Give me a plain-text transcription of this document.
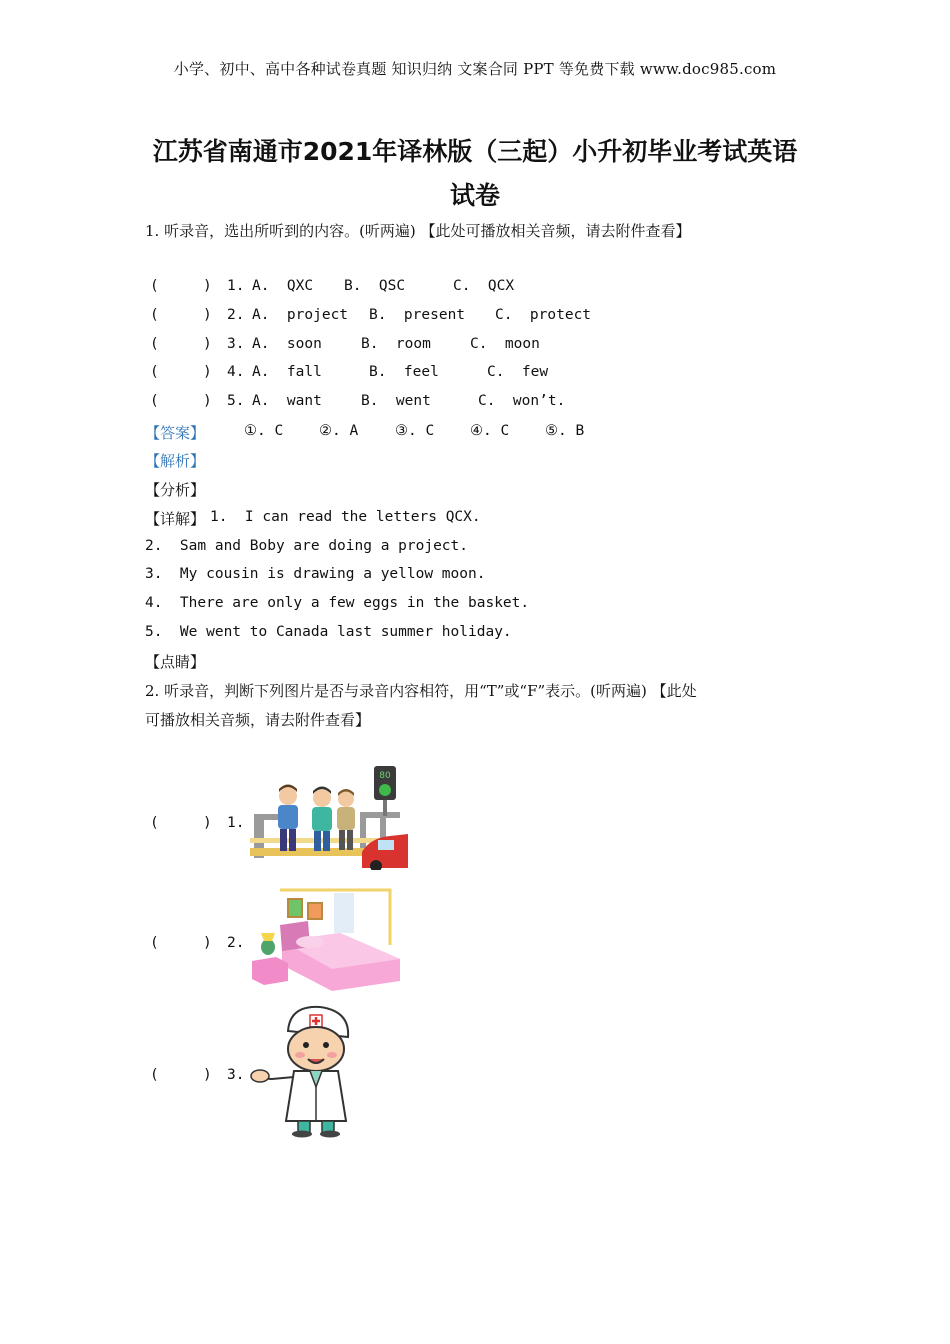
小学、初中、高中各种试卷真题 知识归纳 文案合同 PPT 等免费下载 www.doc985.com
江苏省南通市2021年译林版（三起）小升初毕业考试英语
试卷
1. 听录音，选出所听到的内容。(听两遍) 【此处可播放相关音频，请去附件查看】
(	) 1. A.  QXC B.  QSC	C.  QCX
(	) 2. A.  project B.  present C.  protect
(	) 3. A.  soon	B.  room	C.  moon
(	) 4. A.  fall	B.  feel	C.  few
(	) 5. A.  want	B.  went	C.  won’t.
【答案】	①. C ②. A	③. C ④. C ⑤. B
【解析】
【分析】
【详解】 1.  I can read the letters QCX.
2.  Sam and Boby are doing a project.
3.  My cousin is drawing a yellow moon.
4.  There are only a few eggs in the basket.
5.  We went to Canada last summer holiday.
【点睛】
2. 听录音，判断下列图片是否与录音内容相符，用“T”或“F”表示。(听两遍) 【此处
可播放相关音频，请去附件查看】
(	) 1.
80
(	) 2.
(	) 3.
